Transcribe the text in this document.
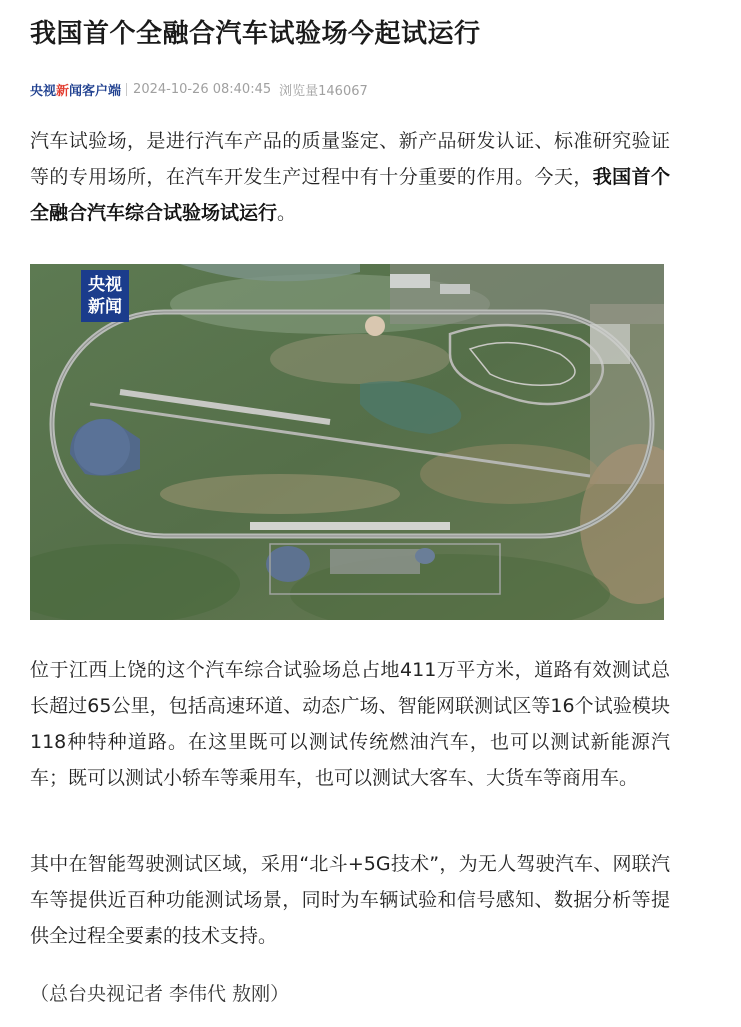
我国首个全融合汽车试验场今起试运行
央视新闻客户端 2024-10-26 08:40:45 浏览量146067

汽车试验场，是进行汽车产品的质量鉴定、新产品研发认证、标准研究验证等的专用场所，在汽车开发生产过程中有十分重要的作用。今天，我国首个全融合汽车综合试验场试运行。

央视
新闻

位于江西上饶的这个汽车综合试验场总占地411万平方米，道路有效测试总长超过65公里，包括高速环道、动态广场、智能网联测试区等16个试验模块118种特种道路。在这里既可以测试传统燃油汽车，也可以测试新能源汽车；既可以测试小轿车等乘用车，也可以测试大客车、大货车等商用车。

其中在智能驾驶测试区域，采用“北斗+5G技术”，为无人驾驶汽车、网联汽车等提供近百种功能测试场景，同时为车辆试验和信号感知、数据分析等提供全过程全要素的技术支持。

（总台央视记者 李伟代 敖刚）
